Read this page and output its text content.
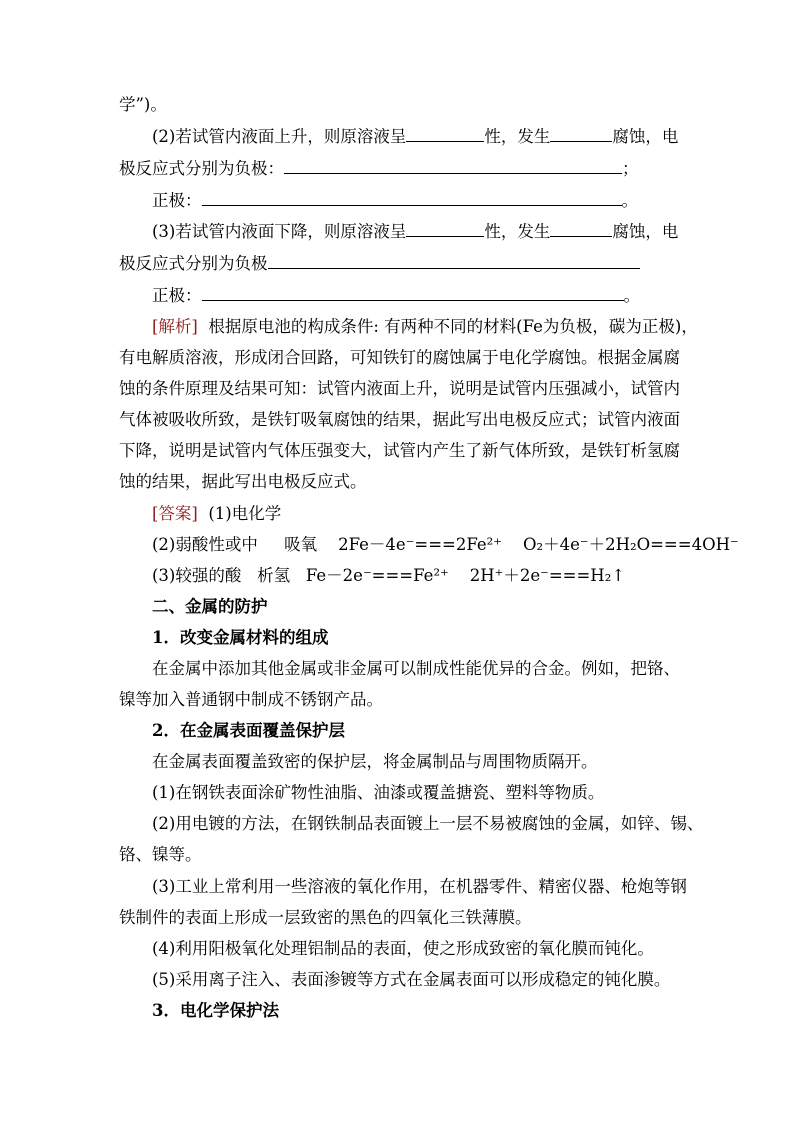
学”)。
(2)若试管内液面上升，则原溶液呈	性，发生	腐蚀，电
极反应式分别为负极：	；
正极：	。
(3)若试管内液面下降，则原溶液呈	性，发生	腐蚀，电
极反应式分别为负极
正极：	。
[解析] 根据原电池的构成条件: 有两种不同的材料(Fe为负极，碳为正极)，
有电解质溶液，形成闭合回路，可知铁钉的腐蚀属于电化学腐蚀。根据金属腐
蚀的条件原理及结果可知：试管内液面上升，说明是试管内压强减小，试管内
气体被吸收所致，是铁钉吸氧腐蚀的结果，据此写出电极反应式；试管内液面
下降，说明是试管内气体压强变大，试管内产生了新气体所致，是铁钉析氢腐
蚀的结果，据此写出电极反应式。
[答案] (1)电化学
(2)弱酸性或中 吸氧 2Fe－4e⁻===2Fe²⁺ O₂＋4e⁻＋2H₂O===4OH⁻
(3)较强的酸 析氢 Fe－2e⁻===Fe²⁺ 2H⁺＋2e⁻===H₂↑
二、金属的防护
1．改变金属材料的组成
在金属中添加其他金属或非金属可以制成性能优异的合金。例如，把铬、
镍等加入普通钢中制成不锈钢产品。
2．在金属表面覆盖保护层
在金属表面覆盖致密的保护层，将金属制品与周围物质隔开。
(1)在钢铁表面涂矿物性油脂、油漆或覆盖搪瓷、塑料等物质。
(2)用电镀的方法，在钢铁制品表面镀上一层不易被腐蚀的金属，如锌、锡、
铬、镍等。
(3)工业上常利用一些溶液的氧化作用，在机器零件、精密仪器、枪炮等钢
铁制件的表面上形成一层致密的黑色的四氧化三铁薄膜。
(4)利用阳极氧化处理铝制品的表面，使之形成致密的氧化膜而钝化。
(5)采用离子注入、表面渗镀等方式在金属表面可以形成稳定的钝化膜。
3．电化学保护法
